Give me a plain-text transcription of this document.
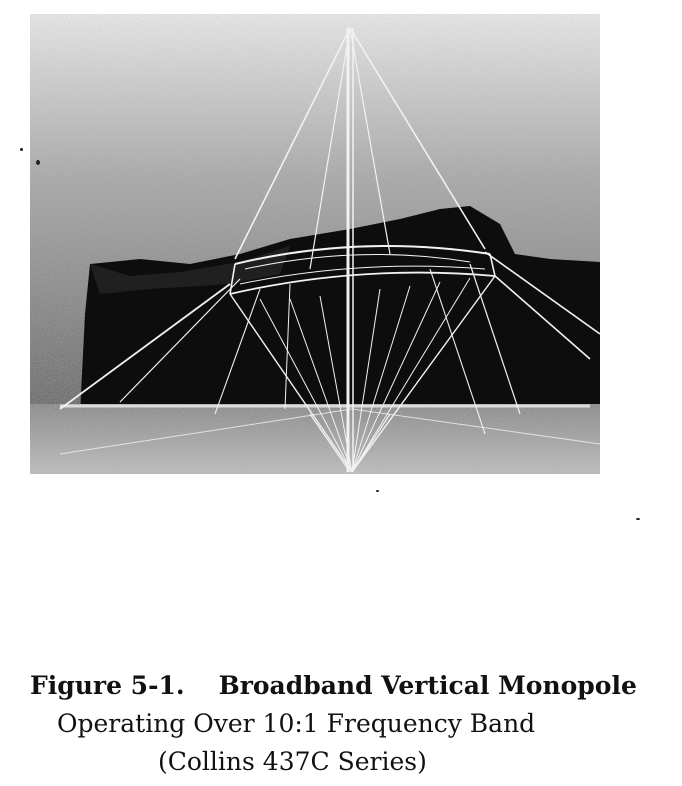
Figure 5-1. Broadband Vertical Monopole
Operating Over 10:1 Frequency Band
(Collins 437C Series)
